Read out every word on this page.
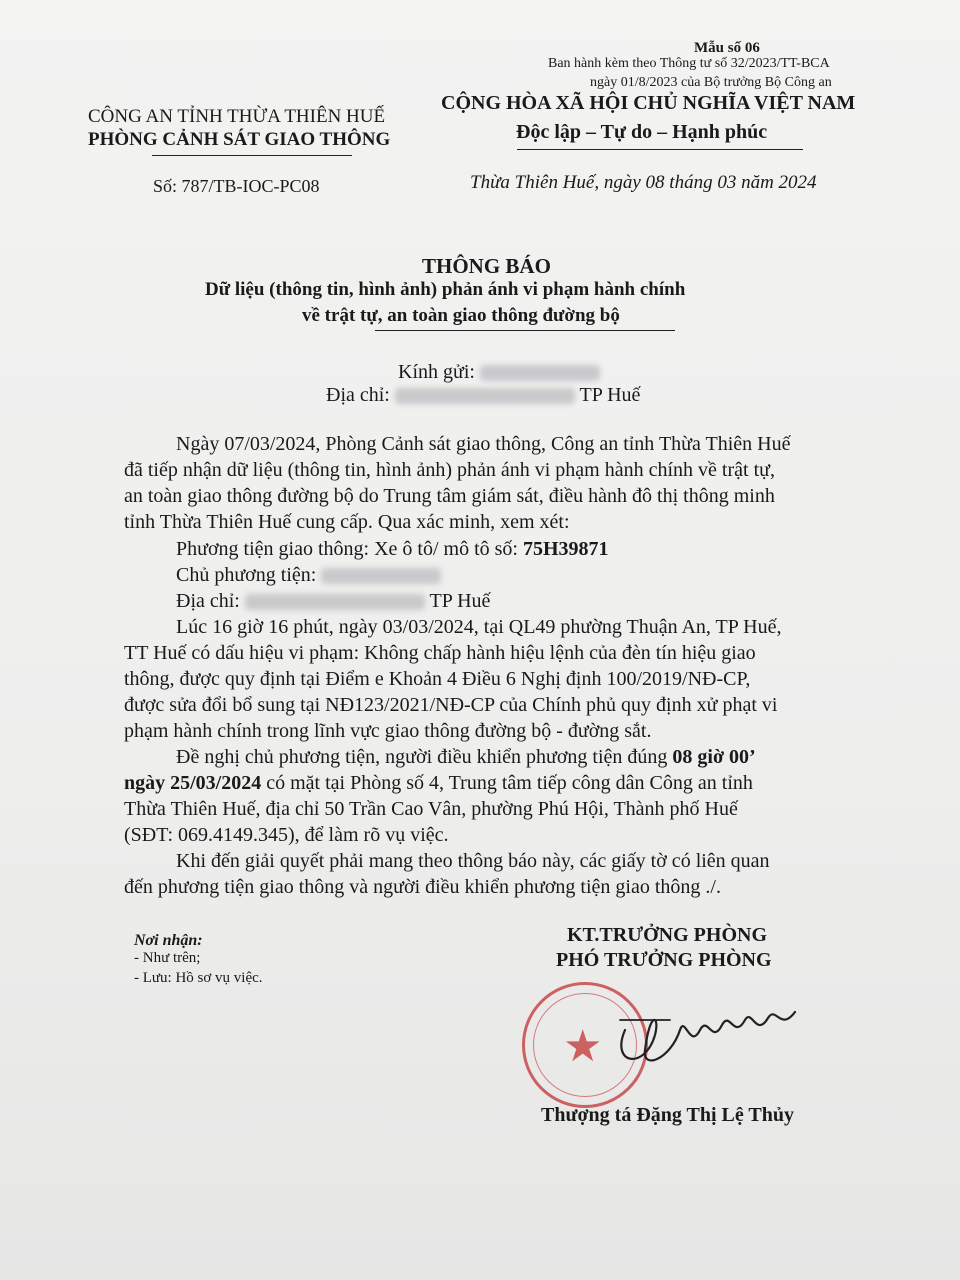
Mẫu số 06
Ban hành kèm theo Thông tư số 32/2023/TT-BCA
ngày 01/8/2023 của Bộ trưởng Bộ Công an
CÔNG AN TỈNH THỪA THIÊN HUẾ
PHÒNG CẢNH SÁT GIAO THÔNG
CỘNG HÒA XÃ HỘI CHỦ NGHĨA VIỆT NAM
Độc lập – Tự do – Hạnh phúc
Số: 787/TB-IOC-PC08	Thừa Thiên Huế, ngày 08 tháng 03 năm 2024
THÔNG BÁO
Dữ liệu (thông tin, hình ảnh) phản ánh vi phạm hành chính
về trật tự, an toàn giao thông đường bộ
Kính gửi:
Địa chỉ:	TP Huế
Ngày 07/03/2024, Phòng Cảnh sát giao thông, Công an tỉnh Thừa Thiên Huế
đã tiếp nhận dữ liệu (thông tin, hình ảnh) phản ánh vi phạm hành chính về trật tự,
an toàn giao thông đường bộ do Trung tâm giám sát, điều hành đô thị thông minh
tỉnh Thừa Thiên Huế cung cấp. Qua xác minh, xem xét:
Phương tiện giao thông: Xe ô tô/ mô tô số: 75H39871
Chủ phương tiện:
Địa chỉ:	TP Huế
Lúc 16 giờ 16 phút, ngày 03/03/2024, tại QL49 phường Thuận An, TP Huế,
TT Huế có dấu hiệu vi phạm: Không chấp hành hiệu lệnh của đèn tín hiệu giao
thông, được quy định tại Điểm e Khoản 4 Điều 6 Nghị định 100/2019/NĐ-CP,
được sửa đổi bổ sung tại NĐ123/2021/NĐ-CP của Chính phủ quy định xử phạt vi
phạm hành chính trong lĩnh vực giao thông đường bộ - đường sắt.
Đề nghị chủ phương tiện, người điều khiển phương tiện đúng 08 giờ 00’
ngày 25/03/2024 có mặt tại Phòng số 4, Trung tâm tiếp công dân Công an tỉnh
Thừa Thiên Huế, địa chỉ 50 Trần Cao Vân, phường Phú Hội, Thành phố Huế
(SĐT: 069.4149.345), để làm rõ vụ việc.
Khi đến giải quyết phải mang theo thông báo này, các giấy tờ có liên quan
đến phương tiện giao thông và người điều khiển phương tiện giao thông ./.
Nơi nhận:
- Như trên;
- Lưu: Hồ sơ vụ việc.
KT.TRƯỞNG PHÒNG
PHÓ TRƯỞNG PHÒNG
★
Thượng tá Đặng Thị Lệ Thủy
